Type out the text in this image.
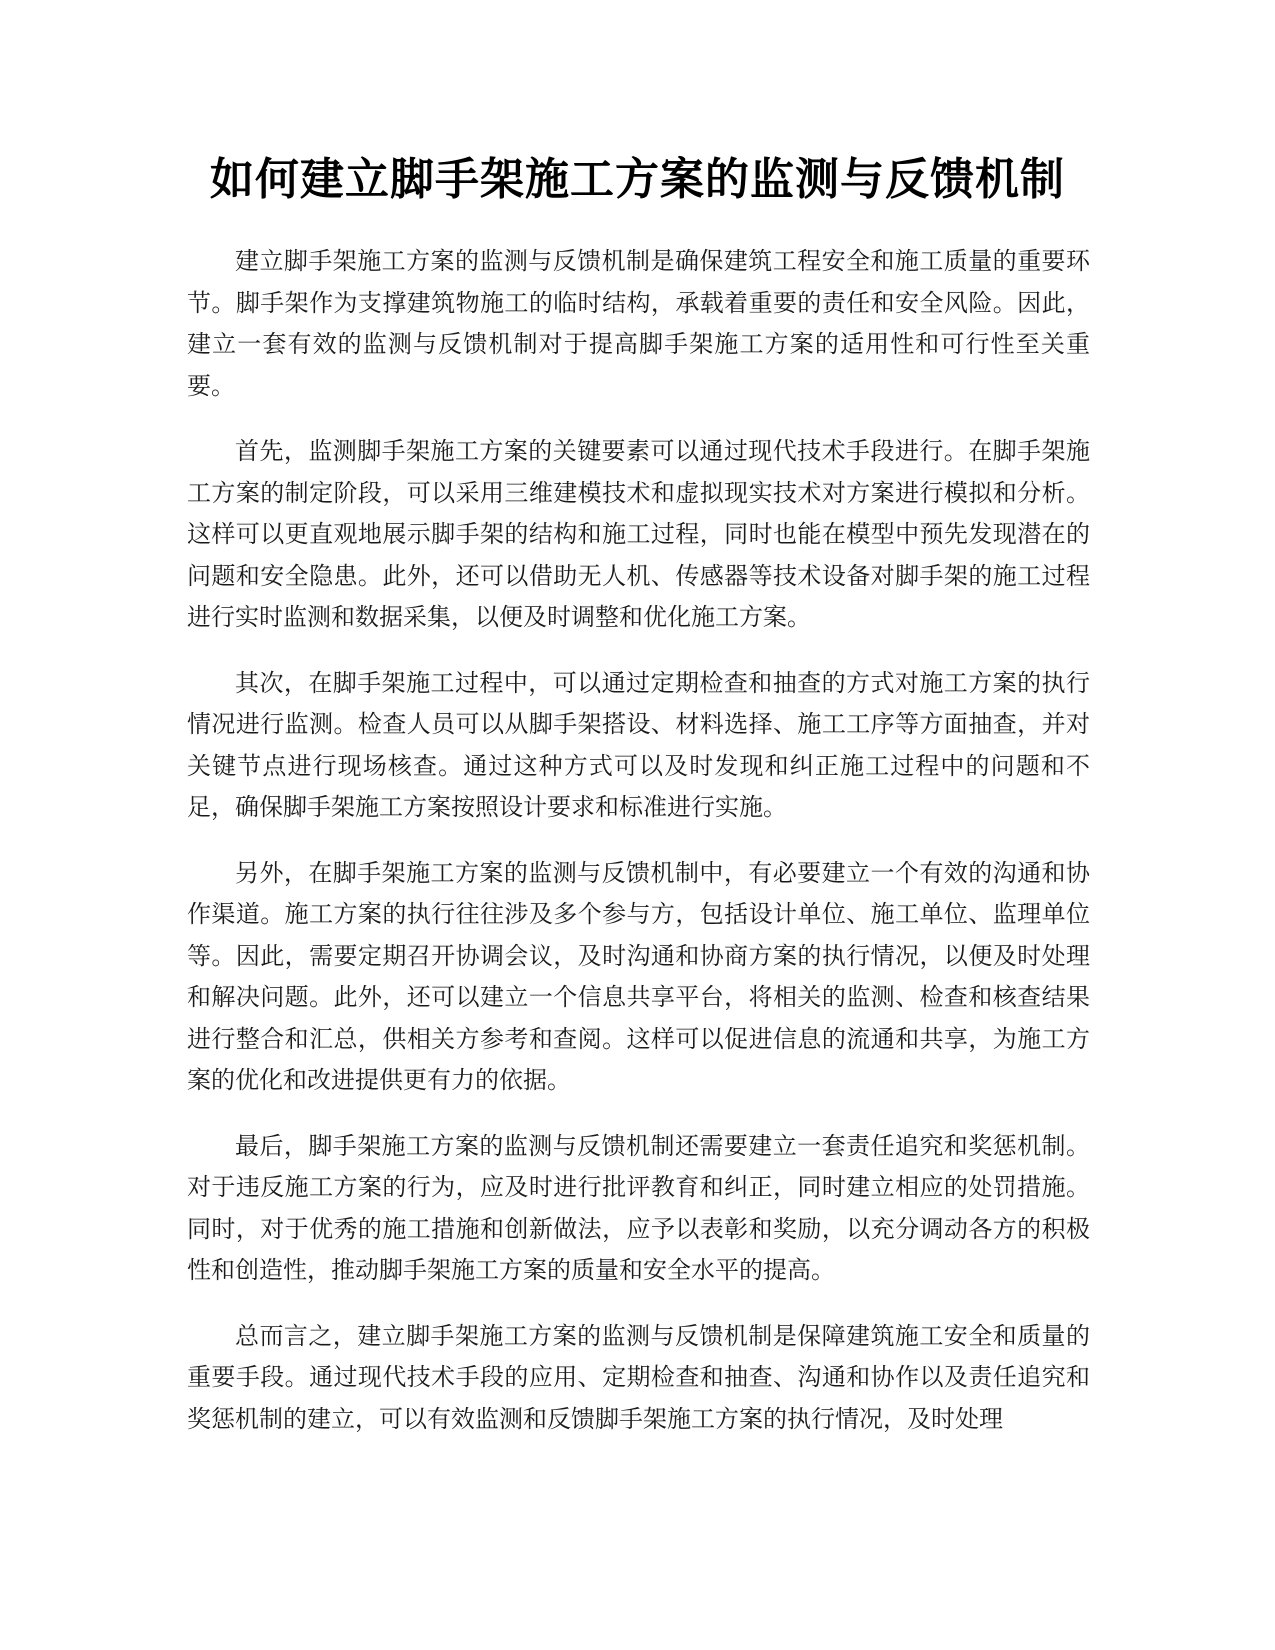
如何建立脚手架施工方案的监测与反馈机制

建立脚手架施工方案的监测与反馈机制是确保建筑工程安全和施工质量的重要环节。脚手架作为支撑建筑物施工的临时结构，承载着重要的责任和安全风险。因此，建立一套有效的监测与反馈机制对于提高脚手架施工方案的适用性和可行性至关重要。

首先，监测脚手架施工方案的关键要素可以通过现代技术手段进行。在脚手架施工方案的制定阶段，可以采用三维建模技术和虚拟现实技术对方案进行模拟和分析。这样可以更直观地展示脚手架的结构和施工过程，同时也能在模型中预先发现潜在的问题和安全隐患。此外，还可以借助无人机、传感器等技术设备对脚手架的施工过程进行实时监测和数据采集，以便及时调整和优化施工方案。

其次，在脚手架施工过程中，可以通过定期检查和抽查的方式对施工方案的执行情况进行监测。检查人员可以从脚手架搭设、材料选择、施工工序等方面抽查，并对关键节点进行现场核查。通过这种方式可以及时发现和纠正施工过程中的问题和不足，确保脚手架施工方案按照设计要求和标准进行实施。

另外，在脚手架施工方案的监测与反馈机制中，有必要建立一个有效的沟通和协作渠道。施工方案的执行往往涉及多个参与方，包括设计单位、施工单位、监理单位等。因此，需要定期召开协调会议，及时沟通和协商方案的执行情况，以便及时处理和解决问题。此外，还可以建立一个信息共享平台，将相关的监测、检查和核查结果进行整合和汇总，供相关方参考和查阅。这样可以促进信息的流通和共享，为施工方案的优化和改进提供更有力的依据。

最后，脚手架施工方案的监测与反馈机制还需要建立一套责任追究和奖惩机制。对于违反施工方案的行为，应及时进行批评教育和纠正，同时建立相应的处罚措施。同时，对于优秀的施工措施和创新做法，应予以表彰和奖励，以充分调动各方的积极性和创造性，推动脚手架施工方案的质量和安全水平的提高。

总而言之，建立脚手架施工方案的监测与反馈机制是保障建筑施工安全和质量的重要手段。通过现代技术手段的应用、定期检查和抽查、沟通和协作以及责任追究和奖惩机制的建立，可以有效监测和反馈脚手架施工方案的执行情况，及时处理
